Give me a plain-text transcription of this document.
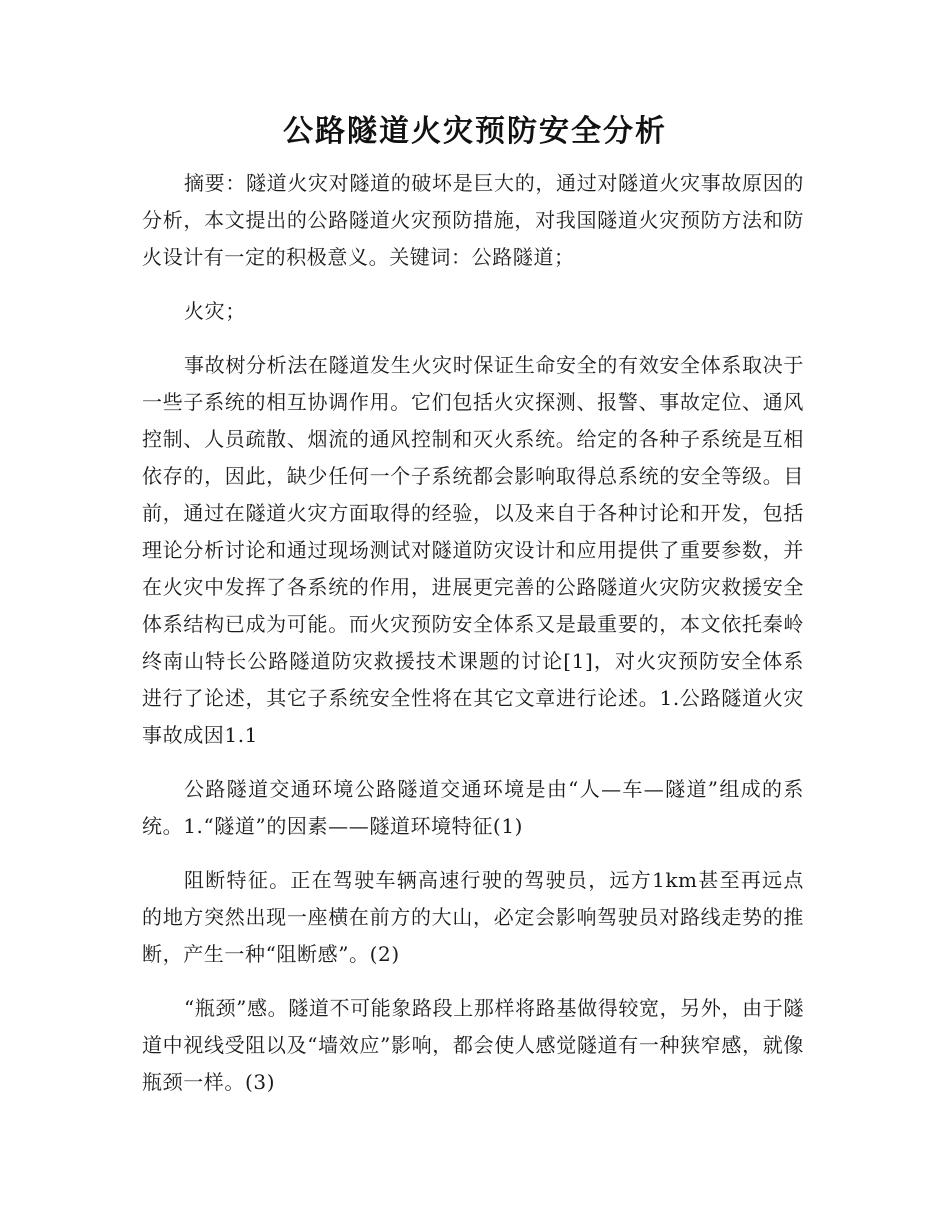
公路隧道火灾预防安全分析

摘要：隧道火灾对隧道的破坏是巨大的，通过对隧道火灾事故原因的分析，本文提出的公路隧道火灾预防措施，对我国隧道火灾预防方法和防火设计有一定的积极意义。关键词：公路隧道；

火灾；

事故树分析法在隧道发生火灾时保证生命安全的有效安全体系取决于一些子系统的相互协调作用。它们包括火灾探测、报警、事故定位、通风控制、人员疏散、烟流的通风控制和灭火系统。给定的各种子系统是互相依存的，因此，缺少任何一个子系统都会影响取得总系统的安全等级。目前，通过在隧道火灾方面取得的经验，以及来自于各种讨论和开发，包括理论分析讨论和通过现场测试对隧道防灾设计和应用提供了重要参数，并在火灾中发挥了各系统的作用，进展更完善的公路隧道火灾防灾救援安全体系结构已成为可能。而火灾预防安全体系又是最重要的，本文依托秦岭终南山特长公路隧道防灾救援技术课题的讨论[1]，对火灾预防安全体系进行了论述，其它子系统安全性将在其它文章进行论述。1.公路隧道火灾事故成因1.1

公路隧道交通环境公路隧道交通环境是由“人—车—隧道”组成的系统。1.“隧道”的因素——隧道环境特征(1)

阻断特征。正在驾驶车辆高速行驶的驾驶员，远方1km甚至再远点的地方突然出现一座横在前方的大山，必定会影响驾驶员对路线走势的推断，产生一种“阻断感”。(2)

“瓶颈”感。隧道不可能象路段上那样将路基做得较宽，另外，由于隧道中视线受阻以及“墙效应”影响，都会使人感觉隧道有一种狭窄感，就像瓶颈一样。(3)
